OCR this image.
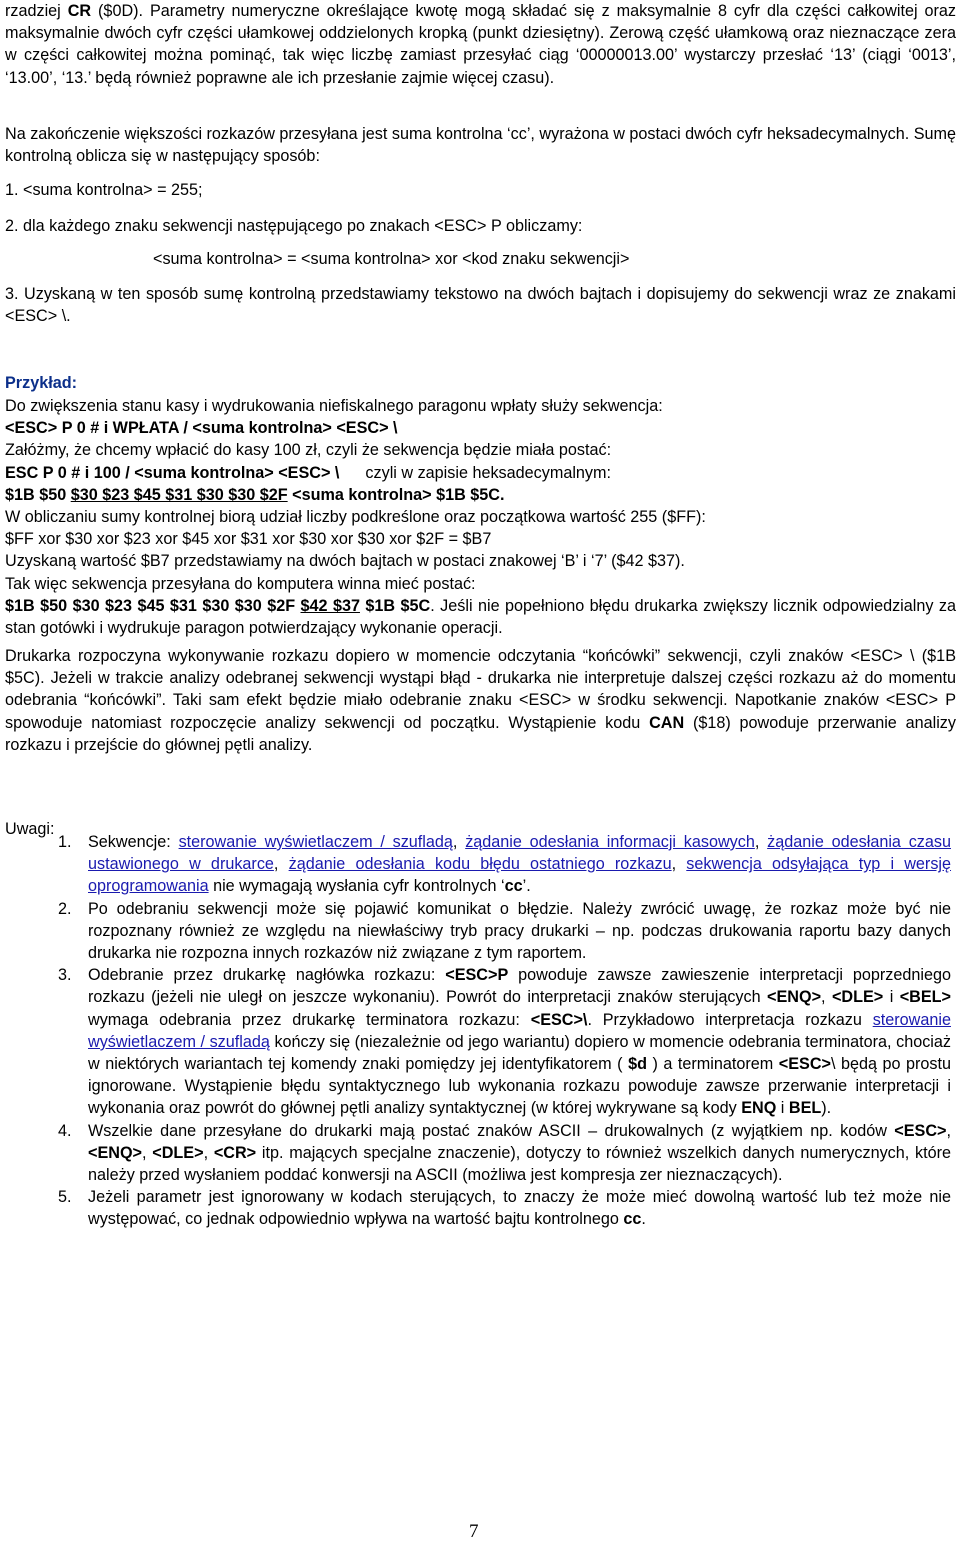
rzadziej CR ($0D). Parametry numeryczne określające kwotę mogą składać się z maksymalnie 8 cyfr dla części całkowitej oraz maksymalnie dwóch cyfr części ułamkowej oddzielonych kropką (punkt dziesiętny). Zerową część ułamkową oraz nieznaczące zera w części całkowitej można pominąć, tak więc liczbę zamiast przesyłać ciąg ‘00000013.00’ wystarczy przesłać ‘13’ (ciągi ‘0013’, ‘13.00’, ‘13.’ będą również poprawne ale ich przesłanie zajmie więcej czasu).

Na zakończenie większości rozkazów przesyłana jest suma kontrolna ‘cc’, wyrażona w postaci dwóch cyfr heksadecymalnych. Sumę kontrolną oblicza się w następujący sposób:

1. <suma kontrolna> = 255;

2. dla każdego znaku sekwencji następującego po znakach <ESC> P obliczamy:

<suma kontrolna> = <suma kontrolna> xor <kod znaku sekwencji>

3. Uzyskaną w ten sposób sumę kontrolną przedstawiamy tekstowo na dwóch bajtach i dopisujemy do sekwencji wraz ze znakami <ESC> \.

Przykład:

Do zwiększenia stanu kasy i wydrukowania niefiskalnego paragonu wpłaty służy sekwencja:

<ESC> P 0 # i WPŁATA / <suma kontrolna> <ESC> \

Załóżmy, że chcemy wpłacić do kasy 100 zł, czyli że sekwencja będzie miała postać:

ESC P 0 # i 100 / <suma kontrolna> <ESC> \ czyli w zapisie heksadecymalnym:

$1B $50 $30 $23 $45 $31 $30 $30 $2F <suma kontrolna> $1B $5C.

W obliczaniu sumy kontrolnej biorą udział liczby podkreślone oraz początkowa wartość 255 ($FF):

$FF xor $30 xor $23 xor $45 xor $31 xor $30 xor $30 xor $2F = $B7

Uzyskaną wartość $B7 przedstawiamy na dwóch bajtach w postaci znakowej ‘B’ i ‘7’ ($42 $37).

Tak więc sekwencja przesyłana do komputera winna mieć postać:

$1B $50 $30 $23 $45 $31 $30 $30 $2F $42 $37 $1B $5C. Jeśli nie popełniono błędu drukarka zwiększy licznik odpowiedzialny za stan gotówki i wydrukuje paragon potwierdzający wykonanie operacji.

Drukarka rozpoczyna wykonywanie rozkazu dopiero w momencie odczytania “końcówki” sekwencji, czyli znaków <ESC> \ ($1B $5C). Jeżeli w trakcie analizy odebranej sekwencji wystąpi błąd - drukarka nie interpretuje dalszej części rozkazu aż do momentu odebrania “końcówki”. Taki sam efekt będzie miało odebranie znaku <ESC> w środku sekwencji. Napotkanie znaków <ESC> P spowoduje natomiast rozpoczęcie analizy sekwencji od początku. Wystąpienie kodu CAN ($18) powoduje przerwanie analizy rozkazu i przejście do głównej pętli analizy.

Uwagi:

1. Sekwencje: sterowanie wyświetlaczem / szufladą, żądanie odesłania informacji kasowych, żądanie odesłania czasu ustawionego w drukarce, żądanie odesłania kodu błędu ostatniego rozkazu, sekwencja odsyłająca typ i wersję oprogramowania nie wymagają wysłania cyfr kontrolnych ‘cc’.
2. Po odebraniu sekwencji może się pojawić komunikat o błędzie. Należy zwrócić uwagę, że rozkaz może być nie rozpoznany również ze względu na niewłaściwy tryb pracy drukarki – np. podczas drukowania raportu bazy danych drukarka nie rozpozna innych rozkazów niż związane z tym raportem.
3. Odebranie przez drukarkę nagłówka rozkazu: <ESC>P powoduje zawsze zawieszenie interpretacji poprzedniego rozkazu (jeżeli nie uległ on jeszcze wykonaniu). Powrót do interpretacji znaków sterujących <ENQ>, <DLE> i <BEL> wymaga odebrania przez drukarkę terminatora rozkazu: <ESC>\. Przykładowo interpretacja rozkazu sterowanie wyświetlaczem / szufladą kończy się (niezależnie od jego wariantu) dopiero w momencie odebrania terminatora, chociaż w niektórych wariantach tej komendy znaki pomiędzy jej identyfikatorem ( $d ) a terminatorem <ESC>\ będą po prostu ignorowane. Wystąpienie błędu syntaktycznego lub wykonania rozkazu powoduje zawsze przerwanie interpretacji i wykonania oraz powrót do głównej pętli analizy syntaktycznej (w której wykrywane są kody ENQ i BEL).
4. Wszelkie dane przesyłane do drukarki mają postać znaków ASCII – drukowalnych (z wyjątkiem np. kodów <ESC>, <ENQ>, <DLE>, <CR> itp. mających specjalne znaczenie), dotyczy to również wszelkich danych numerycznych, które należy przed wysłaniem poddać konwersji na ASCII (możliwa jest kompresja zer nieznaczących).
5. Jeżeli parametr jest ignorowany w kodach sterujących, to znaczy że może mieć dowolną wartość lub też może nie występować, co jednak odpowiednio wpływa na wartość bajtu kontrolnego cc.
7
